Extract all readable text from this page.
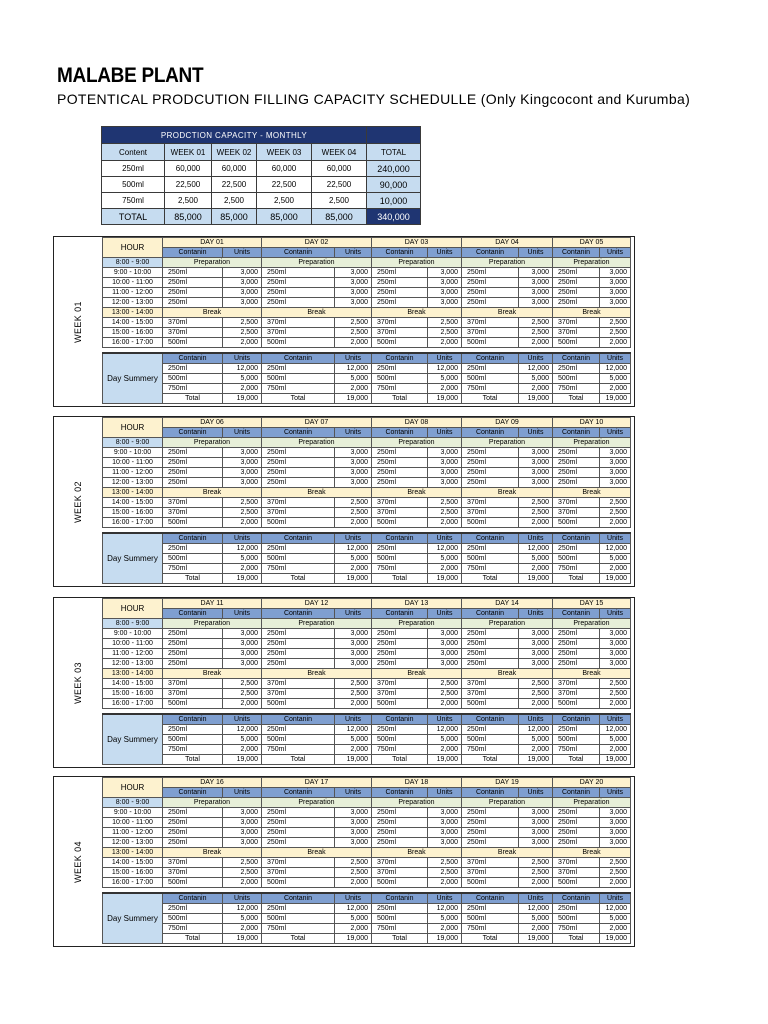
MALABE PLANT
POTENTICAL PRODCUTION FILLING CAPACITY SCHEDULLE (Only Kingcocont and Kurumba)
PRODCTION CAPACITY - MONTHLY					
Content	WEEK 01	WEEK 02	WEEK 03	WEEK 04	TOTAL
250ml	60,000	60,000	60,000	60,000	240,000
500ml	22,500	22,500	22,500	22,500	90,000
750ml	2,500	2,500	2,500	2,500	10,000
TOTAL	85,000	85,000	85,000	85,000	340,000
WEEK 01
HOUR	DAY 01		DAY 02		DAY 03		DAY 04		DAY 05	
	Contanin	Units	Contanin	Units	Contanin	Units	Contanin	Units	Contanin	Units
8:00 - 9:00	Preparation		Preparation		Preparation		Preparation		Preparation	
9:00 - 10:00	250ml	3,000	250ml	3,000	250ml	3,000	250ml	3,000	250ml	3,000
10:00 - 11:00	250ml	3,000	250ml	3,000	250ml	3,000	250ml	3,000	250ml	3,000
11:00 - 12:00	250ml	3,000	250ml	3,000	250ml	3,000	250ml	3,000	250ml	3,000
12:00 - 13:00	250ml	3,000	250ml	3,000	250ml	3,000	250ml	3,000	250ml	3,000
13:00 - 14:00	Break		Break		Break		Break		Break	
14:00 - 15:00	370ml	2,500	370ml	2,500	370ml	2,500	370ml	2,500	370ml	2,500
15:00 - 16:00	370ml	2,500	370ml	2,500	370ml	2,500	370ml	2,500	370ml	2,500
16:00 - 17:00	500ml	2,000	500ml	2,000	500ml	2,000	500ml	2,000	500ml	2,000

Day Summery	Contanin	Units	Contanin	Units	Contanin	Units	Contanin	Units	Contanin	Units
	250ml	12,000	250ml	12,000	250ml	12,000	250ml	12,000	250ml	12,000
	500ml	5,000	500ml	5,000	500ml	5,000	500ml	5,000	500ml	5,000
	750ml	2,000	750ml	2,000	750ml	2,000	750ml	2,000	750ml	2,000
	Total	19,000	Total	19,000	Total	19,000	Total	19,000	Total	19,000
WEEK 02
HOUR	DAY 06		DAY 07		DAY 08		DAY 09		DAY 10	
	Contanin	Units	Contanin	Units	Contanin	Units	Contanin	Units	Contanin	Units
8:00 - 9:00	Preparation		Preparation		Preparation		Preparation		Preparation	
9:00 - 10:00	250ml	3,000	250ml	3,000	250ml	3,000	250ml	3,000	250ml	3,000
10:00 - 11:00	250ml	3,000	250ml	3,000	250ml	3,000	250ml	3,000	250ml	3,000
11:00 - 12:00	250ml	3,000	250ml	3,000	250ml	3,000	250ml	3,000	250ml	3,000
12:00 - 13:00	250ml	3,000	250ml	3,000	250ml	3,000	250ml	3,000	250ml	3,000
13:00 - 14:00	Break		Break		Break		Break		Break	
14:00 - 15:00	370ml	2,500	370ml	2,500	370ml	2,500	370ml	2,500	370ml	2,500
15:00 - 16:00	370ml	2,500	370ml	2,500	370ml	2,500	370ml	2,500	370ml	2,500
16:00 - 17:00	500ml	2,000	500ml	2,000	500ml	2,000	500ml	2,000	500ml	2,000

Day Summery	Contanin	Units	Contanin	Units	Contanin	Units	Contanin	Units	Contanin	Units
	250ml	12,000	250ml	12,000	250ml	12,000	250ml	12,000	250ml	12,000
	500ml	5,000	500ml	5,000	500ml	5,000	500ml	5,000	500ml	5,000
	750ml	2,000	750ml	2,000	750ml	2,000	750ml	2,000	750ml	2,000
	Total	19,000	Total	19,000	Total	19,000	Total	19,000	Total	19,000
WEEK 03
HOUR	DAY 11		DAY 12		DAY 13		DAY 14		DAY 15	
	Contanin	Units	Contanin	Units	Contanin	Units	Contanin	Units	Contanin	Units
8:00 - 9:00	Preparation		Preparation		Preparation		Preparation		Preparation	
9:00 - 10:00	250ml	3,000	250ml	3,000	250ml	3,000	250ml	3,000	250ml	3,000
10:00 - 11:00	250ml	3,000	250ml	3,000	250ml	3,000	250ml	3,000	250ml	3,000
11:00 - 12:00	250ml	3,000	250ml	3,000	250ml	3,000	250ml	3,000	250ml	3,000
12:00 - 13:00	250ml	3,000	250ml	3,000	250ml	3,000	250ml	3,000	250ml	3,000
13:00 - 14:00	Break		Break		Break		Break		Break	
14:00 - 15:00	370ml	2,500	370ml	2,500	370ml	2,500	370ml	2,500	370ml	2,500
15:00 - 16:00	370ml	2,500	370ml	2,500	370ml	2,500	370ml	2,500	370ml	2,500
16:00 - 17:00	500ml	2,000	500ml	2,000	500ml	2,000	500ml	2,000	500ml	2,000

Day Summery	Contanin	Units	Contanin	Units	Contanin	Units	Contanin	Units	Contanin	Units
	250ml	12,000	250ml	12,000	250ml	12,000	250ml	12,000	250ml	12,000
	500ml	5,000	500ml	5,000	500ml	5,000	500ml	5,000	500ml	5,000
	750ml	2,000	750ml	2,000	750ml	2,000	750ml	2,000	750ml	2,000
	Total	19,000	Total	19,000	Total	19,000	Total	19,000	Total	19,000
WEEK 04
HOUR	DAY 16		DAY 17		DAY 18		DAY 19		DAY 20	
	Contanin	Units	Contanin	Units	Contanin	Units	Contanin	Units	Contanin	Units
8:00 - 9:00	Preparation		Preparation		Preparation		Preparation		Preparation	
9:00 - 10:00	250ml	3,000	250ml	3,000	250ml	3,000	250ml	3,000	250ml	3,000
10:00 - 11:00	250ml	3,000	250ml	3,000	250ml	3,000	250ml	3,000	250ml	3,000
11:00 - 12:00	250ml	3,000	250ml	3,000	250ml	3,000	250ml	3,000	250ml	3,000
12:00 - 13:00	250ml	3,000	250ml	3,000	250ml	3,000	250ml	3,000	250ml	3,000
13:00 - 14:00	Break		Break		Break		Break		Break	
14:00 - 15:00	370ml	2,500	370ml	2,500	370ml	2,500	370ml	2,500	370ml	2,500
15:00 - 16:00	370ml	2,500	370ml	2,500	370ml	2,500	370ml	2,500	370ml	2,500
16:00 - 17:00	500ml	2,000	500ml	2,000	500ml	2,000	500ml	2,000	500ml	2,000

Day Summery	Contanin	Units	Contanin	Units	Contanin	Units	Contanin	Units	Contanin	Units
	250ml	12,000	250ml	12,000	250ml	12,000	250ml	12,000	250ml	12,000
	500ml	5,000	500ml	5,000	500ml	5,000	500ml	5,000	500ml	5,000
	750ml	2,000	750ml	2,000	750ml	2,000	750ml	2,000	750ml	2,000
	Total	19,000	Total	19,000	Total	19,000	Total	19,000	Total	19,000
